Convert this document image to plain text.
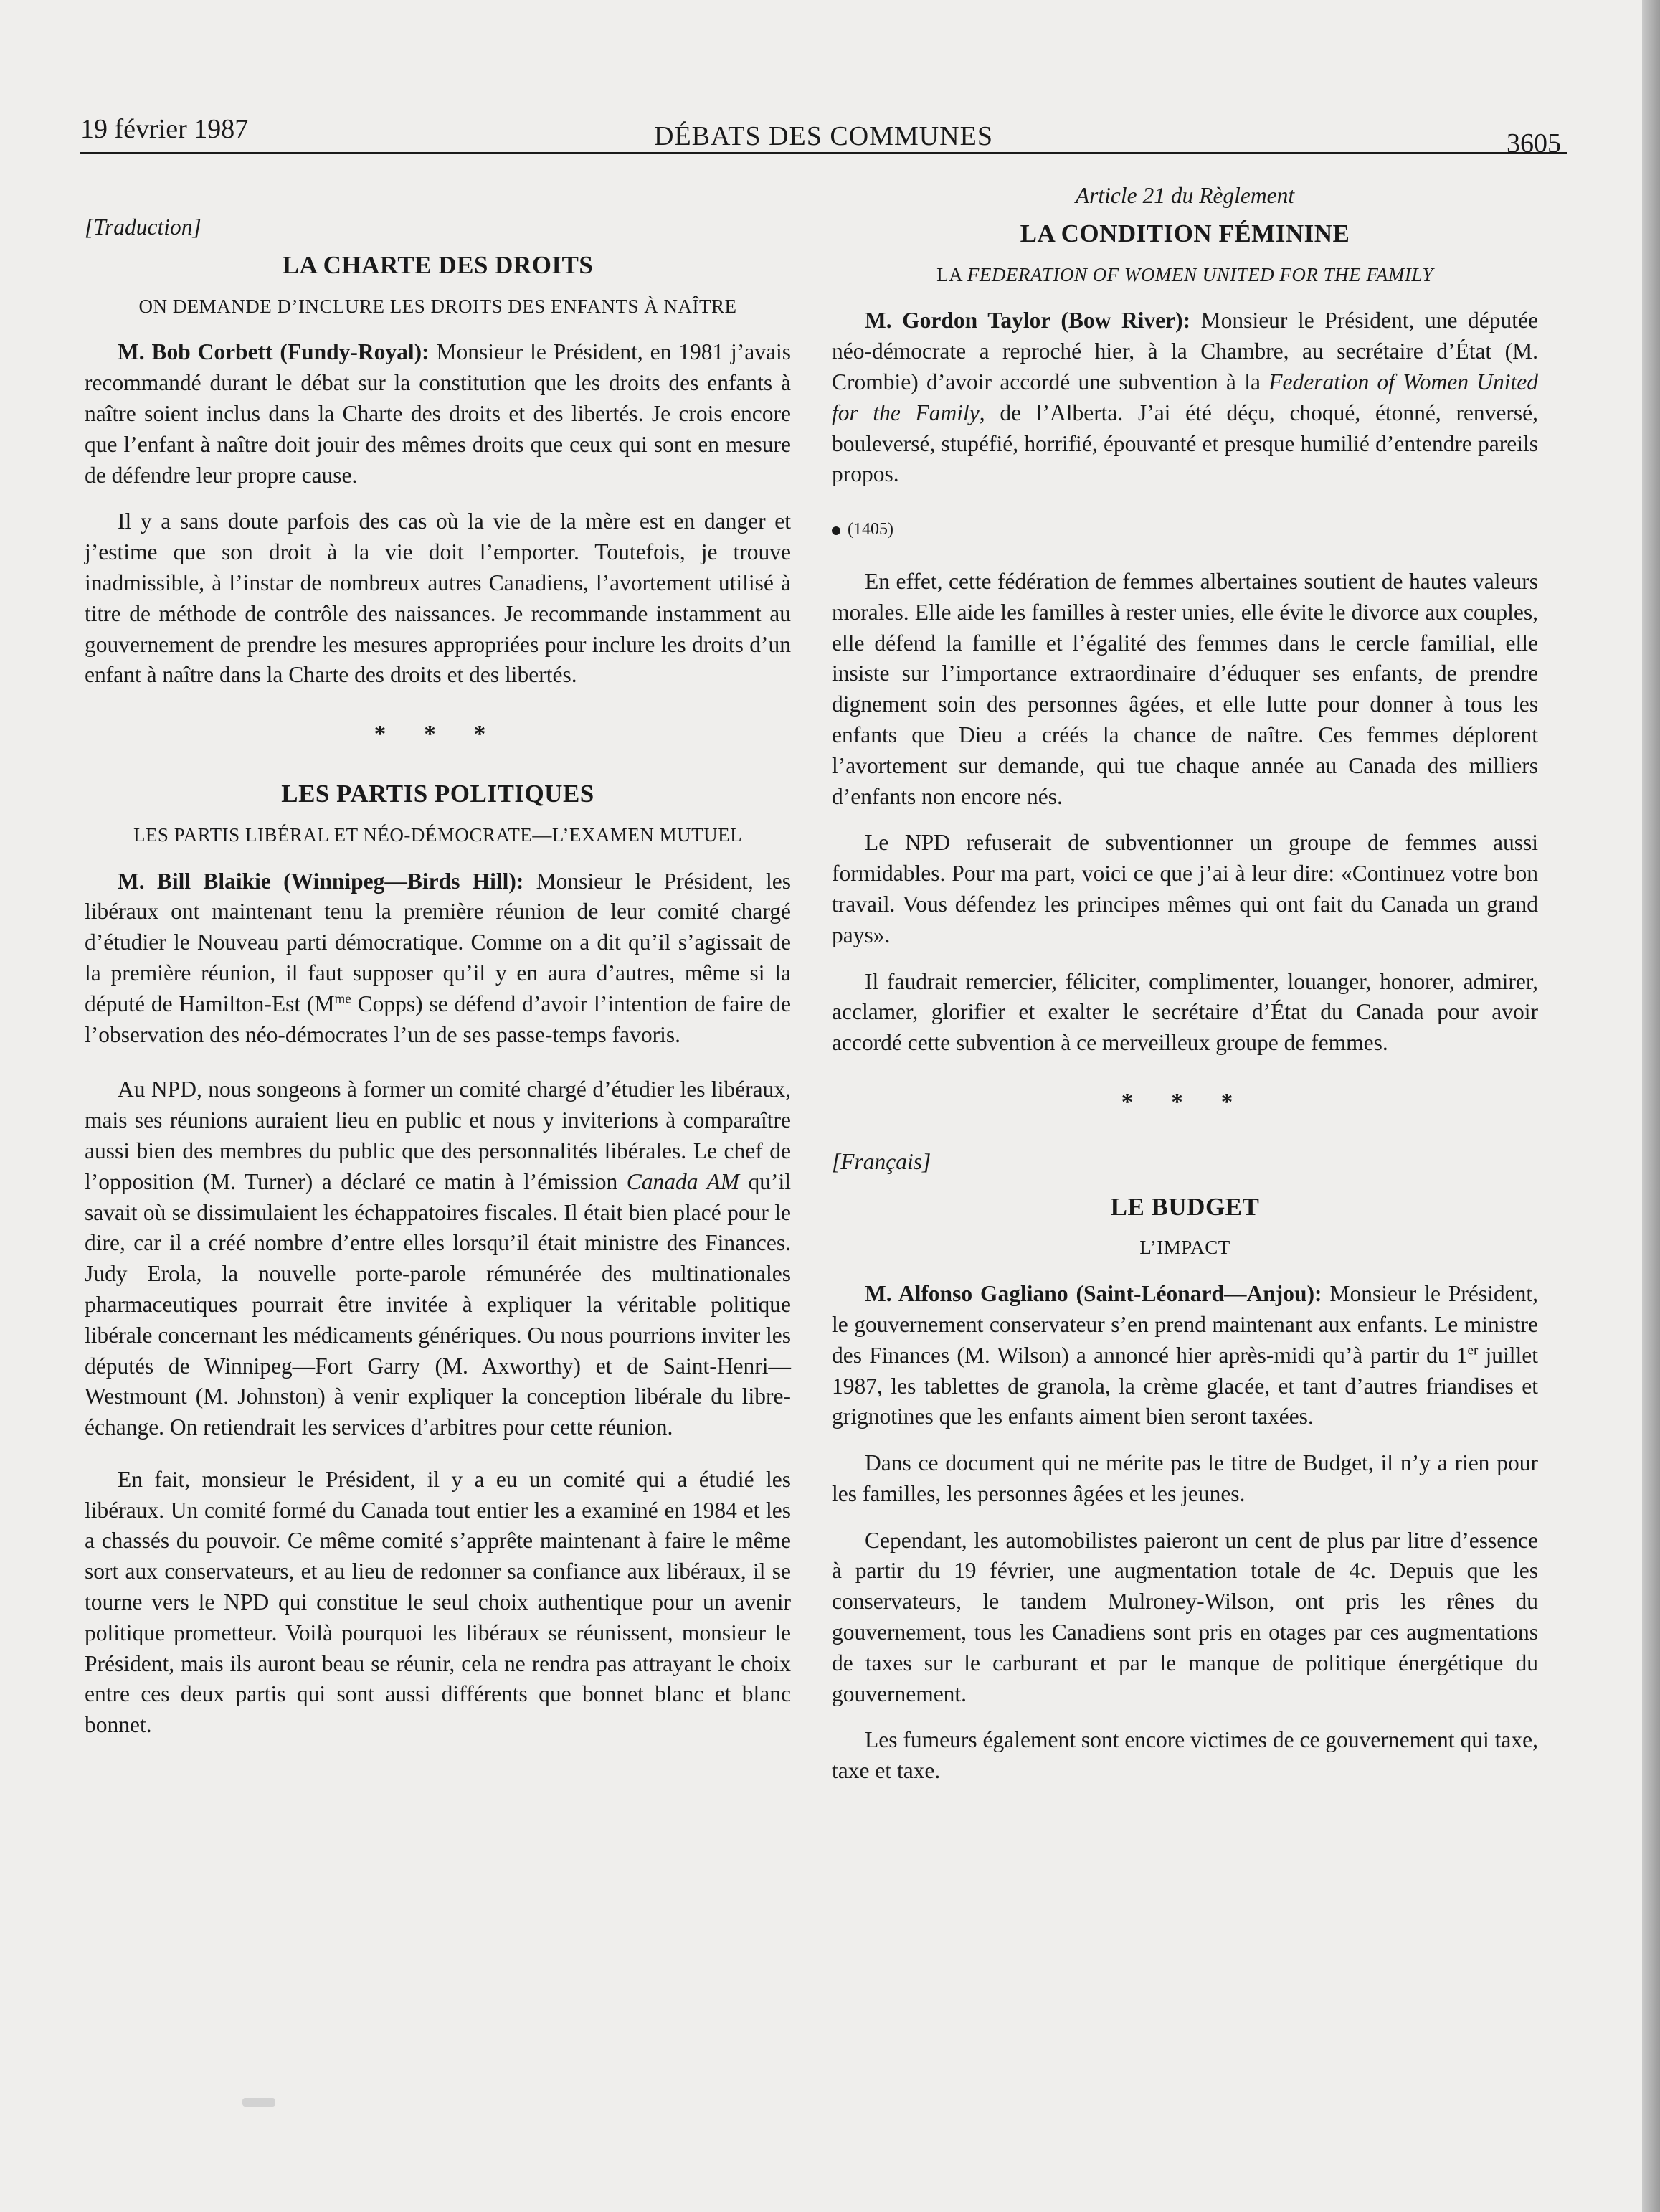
19 février 1987	DÉBATS DES COMMUNES	3605
[Traduction]
LA CHARTE DES DROITS
ON DEMANDE D’INCLURE LES DROITS DES ENFANTS À NAÎTRE

M. Bob Corbett (Fundy-Royal): Monsieur le Président, en 1981 j’avais recommandé durant le débat sur la constitution que les droits des enfants à naître soient inclus dans la Charte des droits et des libertés. Je crois encore que l’enfant à naître doit jouir des mêmes droits que ceux qui sont en mesure de défendre leur propre cause.

Il y a sans doute parfois des cas où la vie de la mère est en danger et j’estime que son droit à la vie doit l’emporter. Toutefois, je trouve inadmissible, à l’instar de nombreux autres Canadiens, l’avortement utilisé à titre de méthode de contrôle des naissances. Je recommande instamment au gouvernement de prendre les mesures appropriées pour inclure les droits d’un enfant à naître dans la Charte des droits et des libertés.

* * *
LES PARTIS POLITIQUES
LES PARTIS LIBÉRAL ET NÉO-DÉMOCRATE—L’EXAMEN MUTUEL

M. Bill Blaikie (Winnipeg—Birds Hill): Monsieur le Président, les libéraux ont maintenant tenu la première réunion de leur comité chargé d’étudier le Nouveau parti démocratique. Comme on a dit qu’il s’agissait de la première réunion, il faut supposer qu’il y en aura d’autres, même si la député de Hamilton-Est ($M^{me}$ Copps) se défend d’avoir l’intention de faire de l’observation des néo-démocrates l’un de ses passe-temps favoris.

Au NPD, nous songeons à former un comité chargé d’étudier les libéraux, mais ses réunions auraient lieu en public et nous y inviterions à comparaître aussi bien des membres du public que des personnalités libérales. Le chef de l’opposition (M. Turner) a déclaré ce matin à l’émission Canada AM qu’il savait où se dissimulaient les échappatoires fiscales. Il était bien placé pour le dire, car il a créé nombre d’entre elles lorsqu’il était ministre des Finances. Judy Erola, la nouvelle porte-parole rémunérée des multinationales pharmaceutiques pourrait être invitée à expliquer la véritable politique libérale concernant les médicaments génériques. Ou nous pourrions inviter les députés de Winnipeg—Fort Garry (M. Axworthy) et de Saint-Henri—Westmount (M. Johnston) à venir expliquer la conception libérale du libre-échange. On retiendrait les services d’arbitres pour cette réunion.

En fait, monsieur le Président, il y a eu un comité qui a étudié les libéraux. Un comité formé du Canada tout entier les a examiné en 1984 et les a chassés du pouvoir. Ce même comité s’apprête maintenant à faire le même sort aux conservateurs, et au lieu de redonner sa confiance aux libéraux, il se tourne vers le NPD qui constitue le seul choix authentique pour un avenir politique prometteur. Voilà pourquoi les libéraux se réunissent, monsieur le Président, mais ils auront beau se réunir, cela ne rendra pas attrayant le choix entre ces deux partis qui sont aussi différents que bonnet blanc et blanc bonnet.

Article 21 du Règlement
LA CONDITION FÉMININE
LA FEDERATION OF WOMEN UNITED FOR THE FAMILY

M. Gordon Taylor (Bow River): Monsieur le Président, une députée néo-démocrate a reproché hier, à la Chambre, au secrétaire d’État (M. Crombie) d’avoir accordé une subvention à la Federation of Women United for the Family, de l’Alberta. J’ai été déçu, choqué, étonné, renversé, bouleversé, stupéfié, horrifié, épouvanté et presque humilié d’entendre pareils propos.

(1405)

En effet, cette fédération de femmes albertaines soutient de hautes valeurs morales. Elle aide les familles à rester unies, elle évite le divorce aux couples, elle défend la famille et l’égalité des femmes dans le cercle familial, elle insiste sur l’importance extraordinaire d’éduquer ses enfants, de prendre dignement soin des personnes âgées, et elle lutte pour donner à tous les enfants que Dieu a créés la chance de naître. Ces femmes déplorent l’avortement sur demande, qui tue chaque année au Canada des milliers d’enfants non encore nés.

Le NPD refuserait de subventionner un groupe de femmes aussi formidables. Pour ma part, voici ce que j’ai à leur dire: «Continuez votre bon travail. Vous défendez les principes mêmes qui ont fait du Canada un grand pays».

Il faudrait remercier, féliciter, complimenter, louanger, honorer, admirer, acclamer, glorifier et exalter le secrétaire d’État du Canada pour avoir accordé cette subvention à ce merveilleux groupe de femmes.

* * *
[Français]
LE BUDGET
L’IMPACT

M. Alfonso Gagliano (Saint-Léonard—Anjou): Monsieur le Président, le gouvernement conservateur s’en prend maintenant aux enfants. Le ministre des Finances (M. Wilson) a annoncé hier après-midi qu’à partir du 1er juillet 1987, les tablettes de granola, la crème glacée, et tant d’autres friandises et grignotines que les enfants aiment bien seront taxées.

Dans ce document qui ne mérite pas le titre de Budget, il n’y a rien pour les familles, les personnes âgées et les jeunes.

Cependant, les automobilistes paieront un cent de plus par litre d’essence à partir du 19 février, une augmentation totale de 4c. Depuis que les conservateurs, le tandem Mulroney-Wilson, ont pris les rênes du gouvernement, tous les Canadiens sont pris en otages par ces augmentations de taxes sur le carburant et par le manque de politique énergétique du gouvernement.

Les fumeurs également sont encore victimes de ce gouvernement qui taxe, taxe et taxe.
